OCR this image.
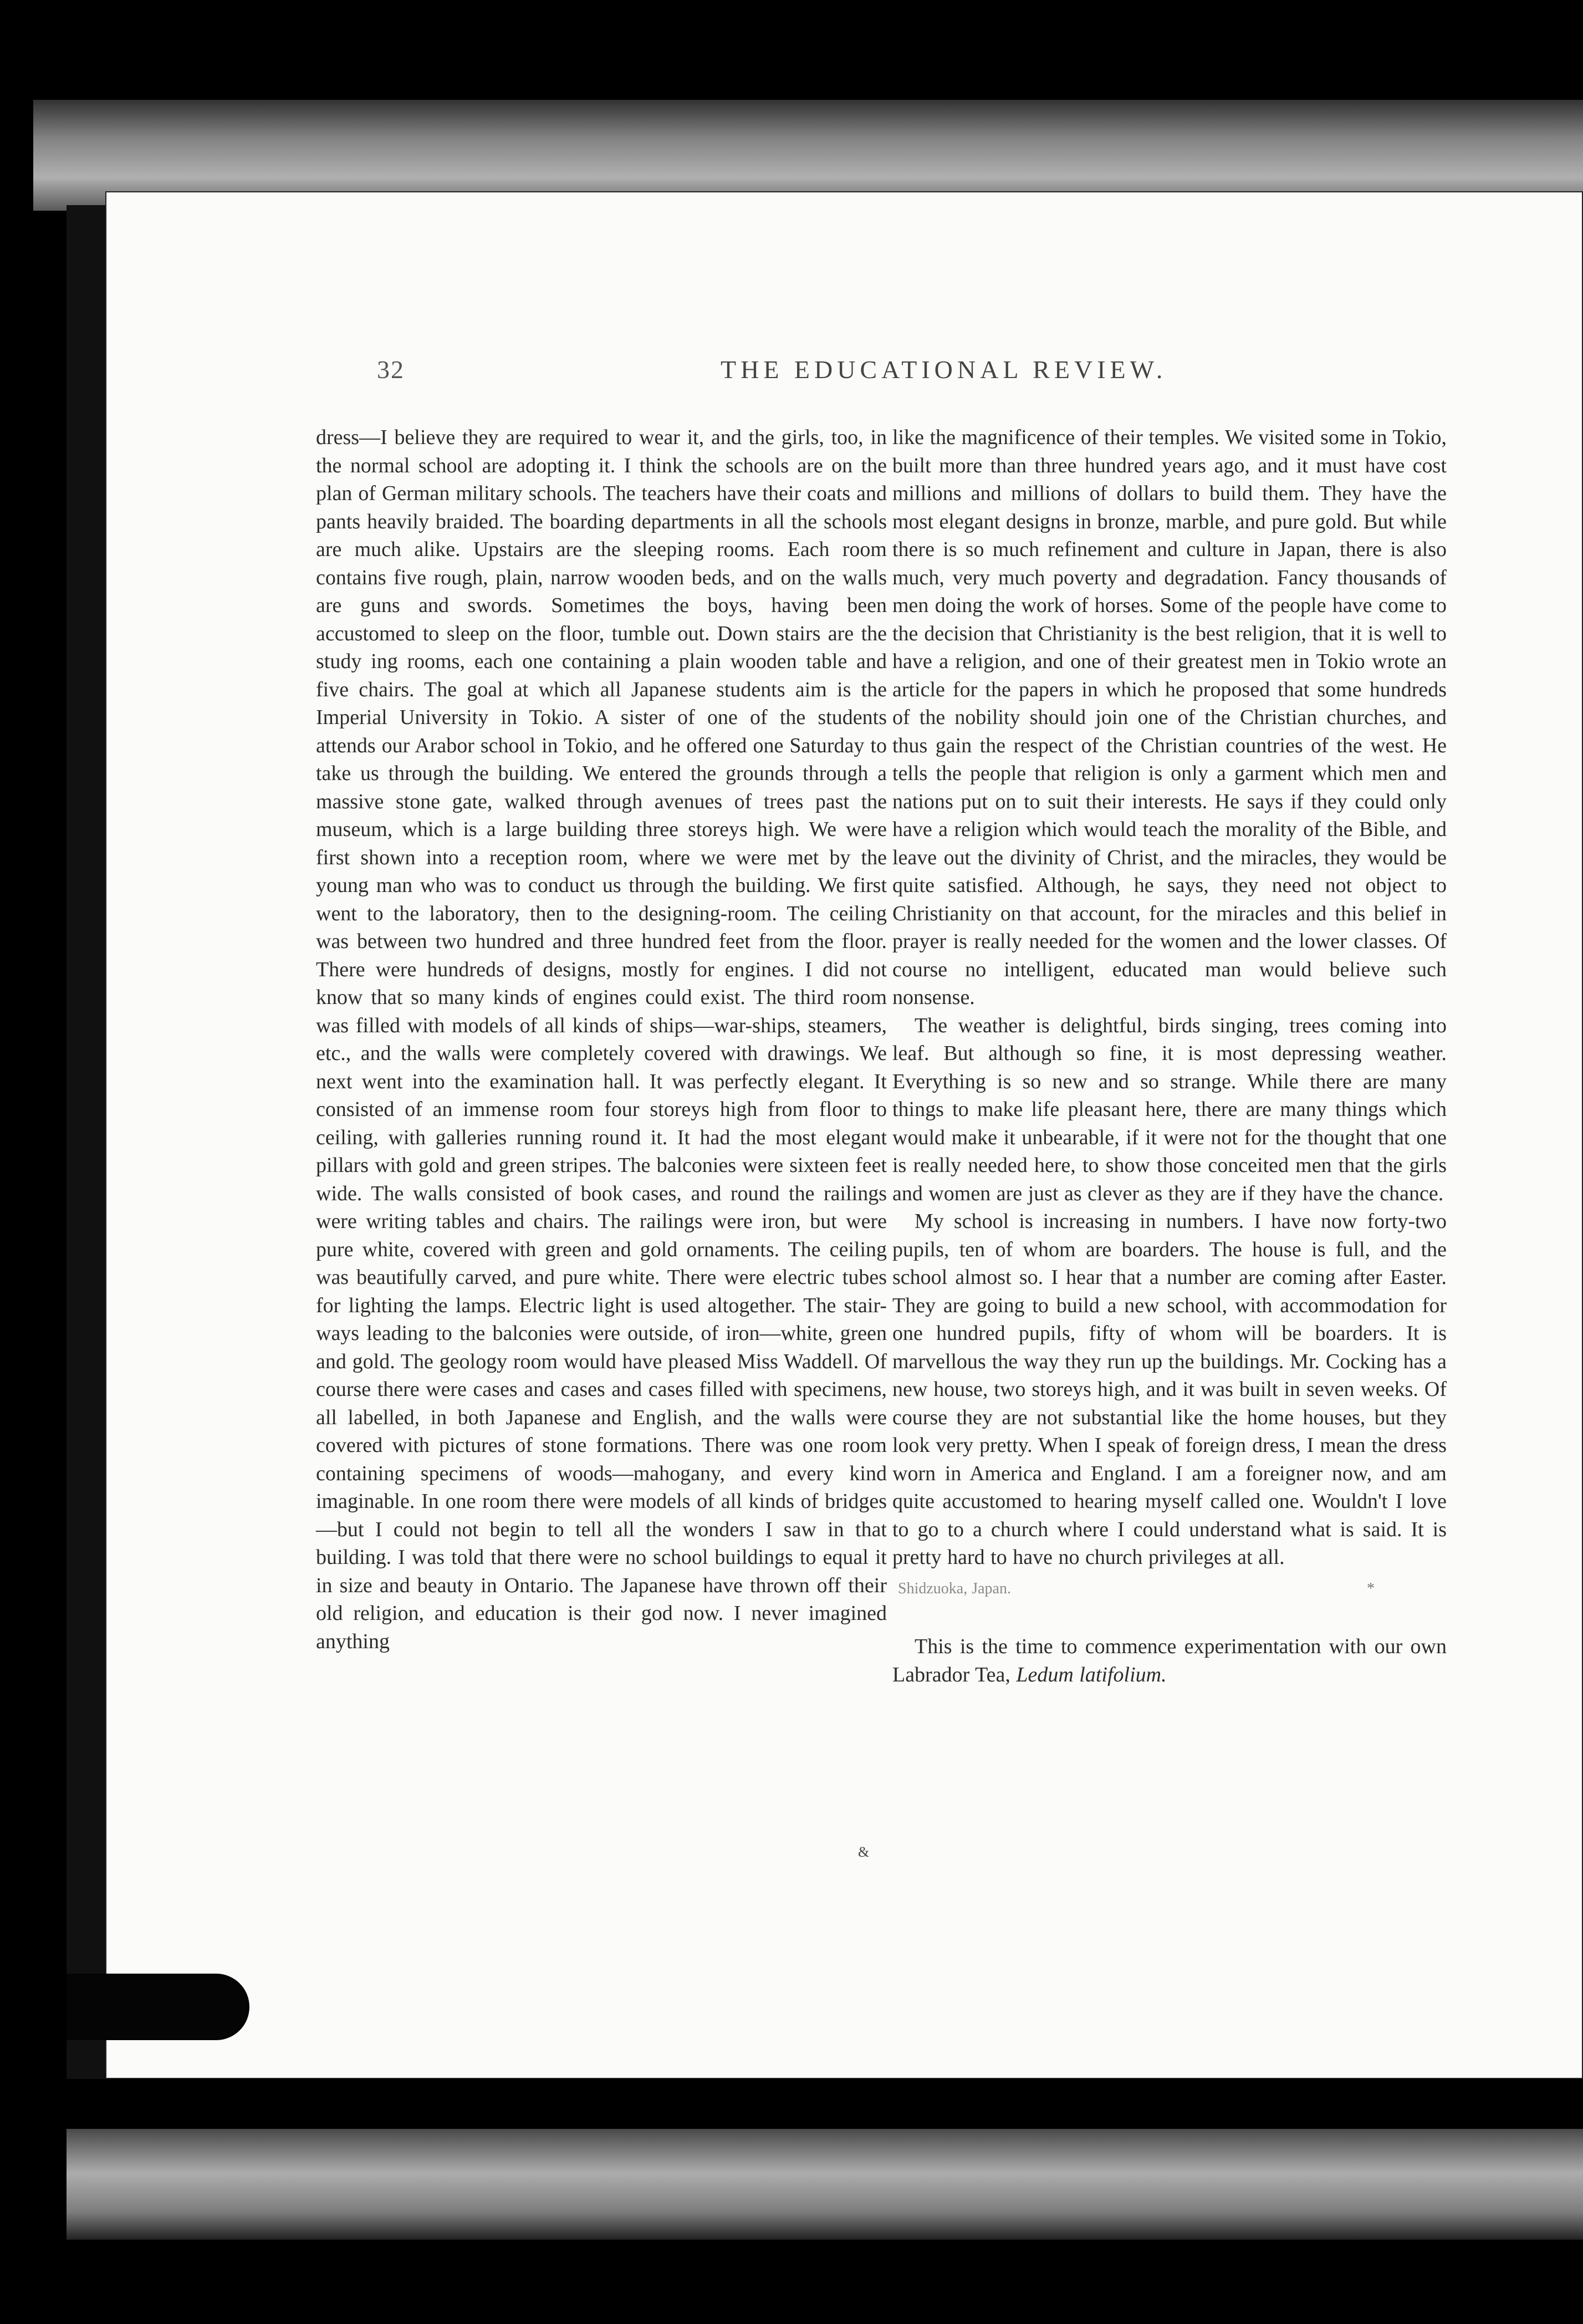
32	THE EDUCATIONAL REVIEW.

dress—I believe they are required to wear it, and the girls, too, in the normal school are adopting it. I think the schools are on the plan of German military schools. The teachers have their coats and pants heavily braided. The boarding departments in all the schools are much alike. Upstairs are the sleeping rooms. Each room contains five rough, plain, narrow wooden beds, and on the walls are guns and swords. Sometimes the boys, having been accustomed to sleep on the floor, tumble out. Down stairs are the study ing rooms, each one containing a plain wooden table and five chairs. The goal at which all Japanese students aim is the Imperial University in Tokio. A sister of one of the students attends our Arabor school in Tokio, and he offered one Saturday to take us through the building. We entered the grounds through a massive stone gate, walked through avenues of trees past the museum, which is a large building three storeys high. We were first shown into a reception room, where we were met by the young man who was to conduct us through the building. We first went to the laboratory, then to the designing-room. The ceiling was between two hundred and three hundred feet from the floor. There were hundreds of designs, mostly for engines. I did not know that so many kinds of engines could exist. The third room was filled with models of all kinds of ships—war-ships, steamers, etc., and the walls were completely covered with drawings. We next went into the examination hall. It was perfectly elegant. It consisted of an immense room four storeys high from floor to ceiling, with galleries running round it. It had the most elegant pillars with gold and green stripes. The balconies were sixteen feet wide. The walls consisted of book cases, and round the railings were writing tables and chairs. The railings were iron, but were pure white, covered with green and gold ornaments. The ceiling was beautifully carved, and pure white. There were electric tubes for lighting the lamps. Electric light is used altogether. The stair-ways leading to the balconies were outside, of iron—white, green and gold. The geology room would have pleased Miss Waddell. Of course there were cases and cases and cases filled with specimens, all labelled, in both Japanese and English, and the walls were covered with pictures of stone formations. There was one room containing specimens of woods—mahogany, and every kind imaginable. In one room there were models of all kinds of bridges—but I could not begin to tell all the wonders I saw in that building. I was told that there were no school buildings to equal it in size and beauty in Ontario. The Japanese have thrown off their old religion, and education is their god now. I never imagined anything

like the magnificence of their temples. We visited some in Tokio, built more than three hundred years ago, and it must have cost millions and millions of dollars to build them. They have the most elegant designs in bronze, marble, and pure gold. But while there is so much refinement and culture in Japan, there is also much, very much poverty and degradation. Fancy thousands of men doing the work of horses. Some of the people have come to the decision that Christianity is the best religion, that it is well to have a religion, and one of their greatest men in Tokio wrote an article for the papers in which he proposed that some hundreds of the nobility should join one of the Christian churches, and thus gain the respect of the Christian countries of the west. He tells the people that religion is only a garment which men and nations put on to suit their interests. He says if they could only have a religion which would teach the morality of the Bible, and leave out the divinity of Christ, and the miracles, they would be quite satisfied. Although, he says, they need not object to Christianity on that account, for the miracles and this belief in prayer is really needed for the women and the lower classes. Of course no intelligent, educated man would believe such nonsense.

The weather is delightful, birds singing, trees coming into leaf. But although so fine, it is most depressing weather. Everything is so new and so strange. While there are many things to make life pleasant here, there are many things which would make it unbearable, if it were not for the thought that one is really needed here, to show those conceited men that the girls and women are just as clever as they are if they have the chance.

My school is increasing in numbers. I have now forty-two pupils, ten of whom are boarders. The house is full, and the school almost so. I hear that a number are coming after Easter. They are going to build a new school, with accommodation for one hundred pupils, fifty of whom will be boarders. It is marvellous the way they run up the buildings. Mr. Cocking has a new house, two storeys high, and it was built in seven weeks. Of course they are not substantial like the home houses, but they look very pretty. When I speak of foreign dress, I mean the dress worn in America and England. I am a foreigner now, and am quite accustomed to hearing myself called one. Wouldn't I love to go to a church where I could understand what is said. It is pretty hard to have no church privileges at all.

Shidzuoka, Japan.	*

This is the time to commence experimentation with our own Labrador Tea, Ledum latifolium.

&
